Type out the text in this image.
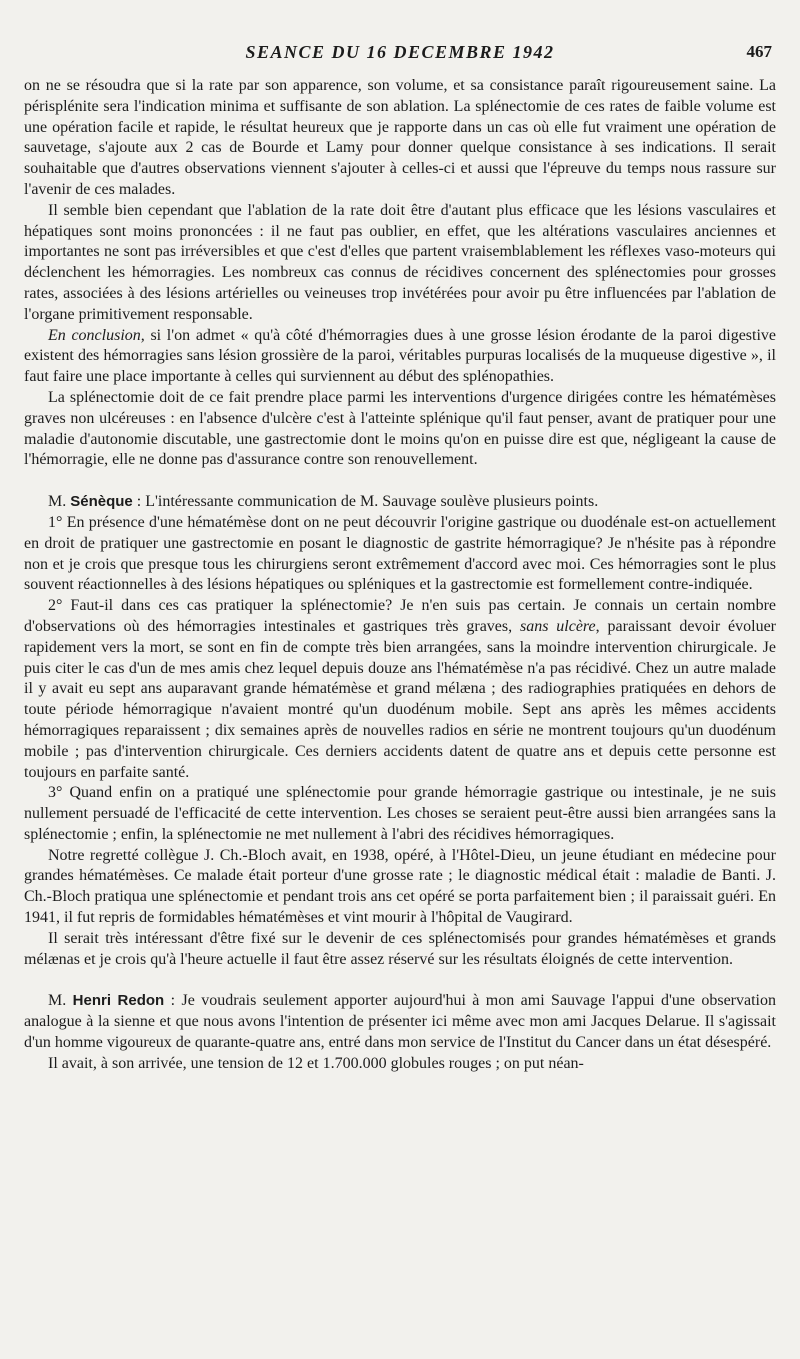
SEANCE DU 16 DECEMBRE 1942	467

on ne se résoudra que si la rate par son apparence, son volume, et sa consistance paraît rigoureusement saine. La périsplénite sera l'indication minima et suffisante de son ablation. La splénectomie de ces rates de faible volume est une opération facile et rapide, le résultat heureux que je rapporte dans un cas où elle fut vraiment une opération de sauvetage, s'ajoute aux 2 cas de Bourde et Lamy pour donner quelque consistance à ses indications. Il serait souhaitable que d'autres observations viennent s'ajouter à celles-ci et aussi que l'épreuve du temps nous rassure sur l'avenir de ces malades.

Il semble bien cependant que l'ablation de la rate doit être d'autant plus efficace que les lésions vasculaires et hépatiques sont moins prononcées : il ne faut pas oublier, en effet, que les altérations vasculaires anciennes et importantes ne sont pas irréversibles et que c'est d'elles que partent vraisemblablement les réflexes vaso-moteurs qui déclenchent les hémorragies. Les nombreux cas connus de récidives concernent des splénectomies pour grosses rates, associées à des lésions artérielles ou veineuses trop invétérées pour avoir pu être influencées par l'ablation de l'organe primitivement responsable.

En conclusion, si l'on admet « qu'à côté d'hémorragies dues à une grosse lésion érodante de la paroi digestive existent des hémorragies sans lésion grossière de la paroi, véritables purpuras localisés de la muqueuse digestive », il faut faire une place importante à celles qui surviennent au début des splénopathies.

La splénectomie doit de ce fait prendre place parmi les interventions d'urgence dirigées contre les hématémèses graves non ulcéreuses : en l'absence d'ulcère c'est à l'atteinte splénique qu'il faut penser, avant de pratiquer pour une maladie d'autonomie discutable, une gastrectomie dont le moins qu'on en puisse dire est que, négligeant la cause de l'hémorragie, elle ne donne pas d'assurance contre son renouvellement.

M. Sénèque : L'intéressante communication de M. Sauvage soulève plusieurs points.

1° En présence d'une hématémèse dont on ne peut découvrir l'origine gastrique ou duodénale est-on actuellement en droit de pratiquer une gastrectomie en posant le diagnostic de gastrite hémorragique? Je n'hésite pas à répondre non et je crois que presque tous les chirurgiens seront extrêmement d'accord avec moi. Ces hémorragies sont le plus souvent réactionnelles à des lésions hépatiques ou spléniques et la gastrectomie est formellement contre-indiquée.

2° Faut-il dans ces cas pratiquer la splénectomie? Je n'en suis pas certain. Je connais un certain nombre d'observations où des hémorragies intestinales et gastriques très graves, sans ulcère, paraissant devoir évoluer rapidement vers la mort, se sont en fin de compte très bien arrangées, sans la moindre intervention chirurgicale. Je puis citer le cas d'un de mes amis chez lequel depuis douze ans l'hématémèse n'a pas récidivé. Chez un autre malade il y avait eu sept ans auparavant grande hématémèse et grand mélæna ; des radiographies pratiquées en dehors de toute période hémorragique n'avaient montré qu'un duodénum mobile. Sept ans après les mêmes accidents hémorragiques reparaissent ; dix semaines après de nouvelles radios en série ne montrent toujours qu'un duodénum mobile ; pas d'intervention chirurgicale. Ces derniers accidents datent de quatre ans et depuis cette personne est toujours en parfaite santé.

3° Quand enfin on a pratiqué une splénectomie pour grande hémorragie gastrique ou intestinale, je ne suis nullement persuadé de l'efficacité de cette intervention. Les choses se seraient peut-être aussi bien arrangées sans la splénectomie ; enfin, la splénectomie ne met nullement à l'abri des récidives hémorragiques.

Notre regretté collègue J. Ch.-Bloch avait, en 1938, opéré, à l'Hôtel-Dieu, un jeune étudiant en médecine pour grandes hématémèses. Ce malade était porteur d'une grosse rate ; le diagnostic médical était : maladie de Banti. J. Ch.-Bloch pratiqua une splénectomie et pendant trois ans cet opéré se porta parfaitement bien ; il paraissait guéri. En 1941, il fut repris de formidables hématémèses et vint mourir à l'hôpital de Vaugirard.

Il serait très intéressant d'être fixé sur le devenir de ces splénectomisés pour grandes hématémèses et grands mélænas et je crois qu'à l'heure actuelle il faut être assez réservé sur les résultats éloignés de cette intervention.

M. Henri Redon : Je voudrais seulement apporter aujourd'hui à mon ami Sauvage l'appui d'une observation analogue à la sienne et que nous avons l'intention de présenter ici même avec mon ami Jacques Delarue. Il s'agissait d'un homme vigoureux de quarante-quatre ans, entré dans mon service de l'Institut du Cancer dans un état désespéré.

Il avait, à son arrivée, une tension de 12 et 1.700.000 globules rouges ; on put néan-
